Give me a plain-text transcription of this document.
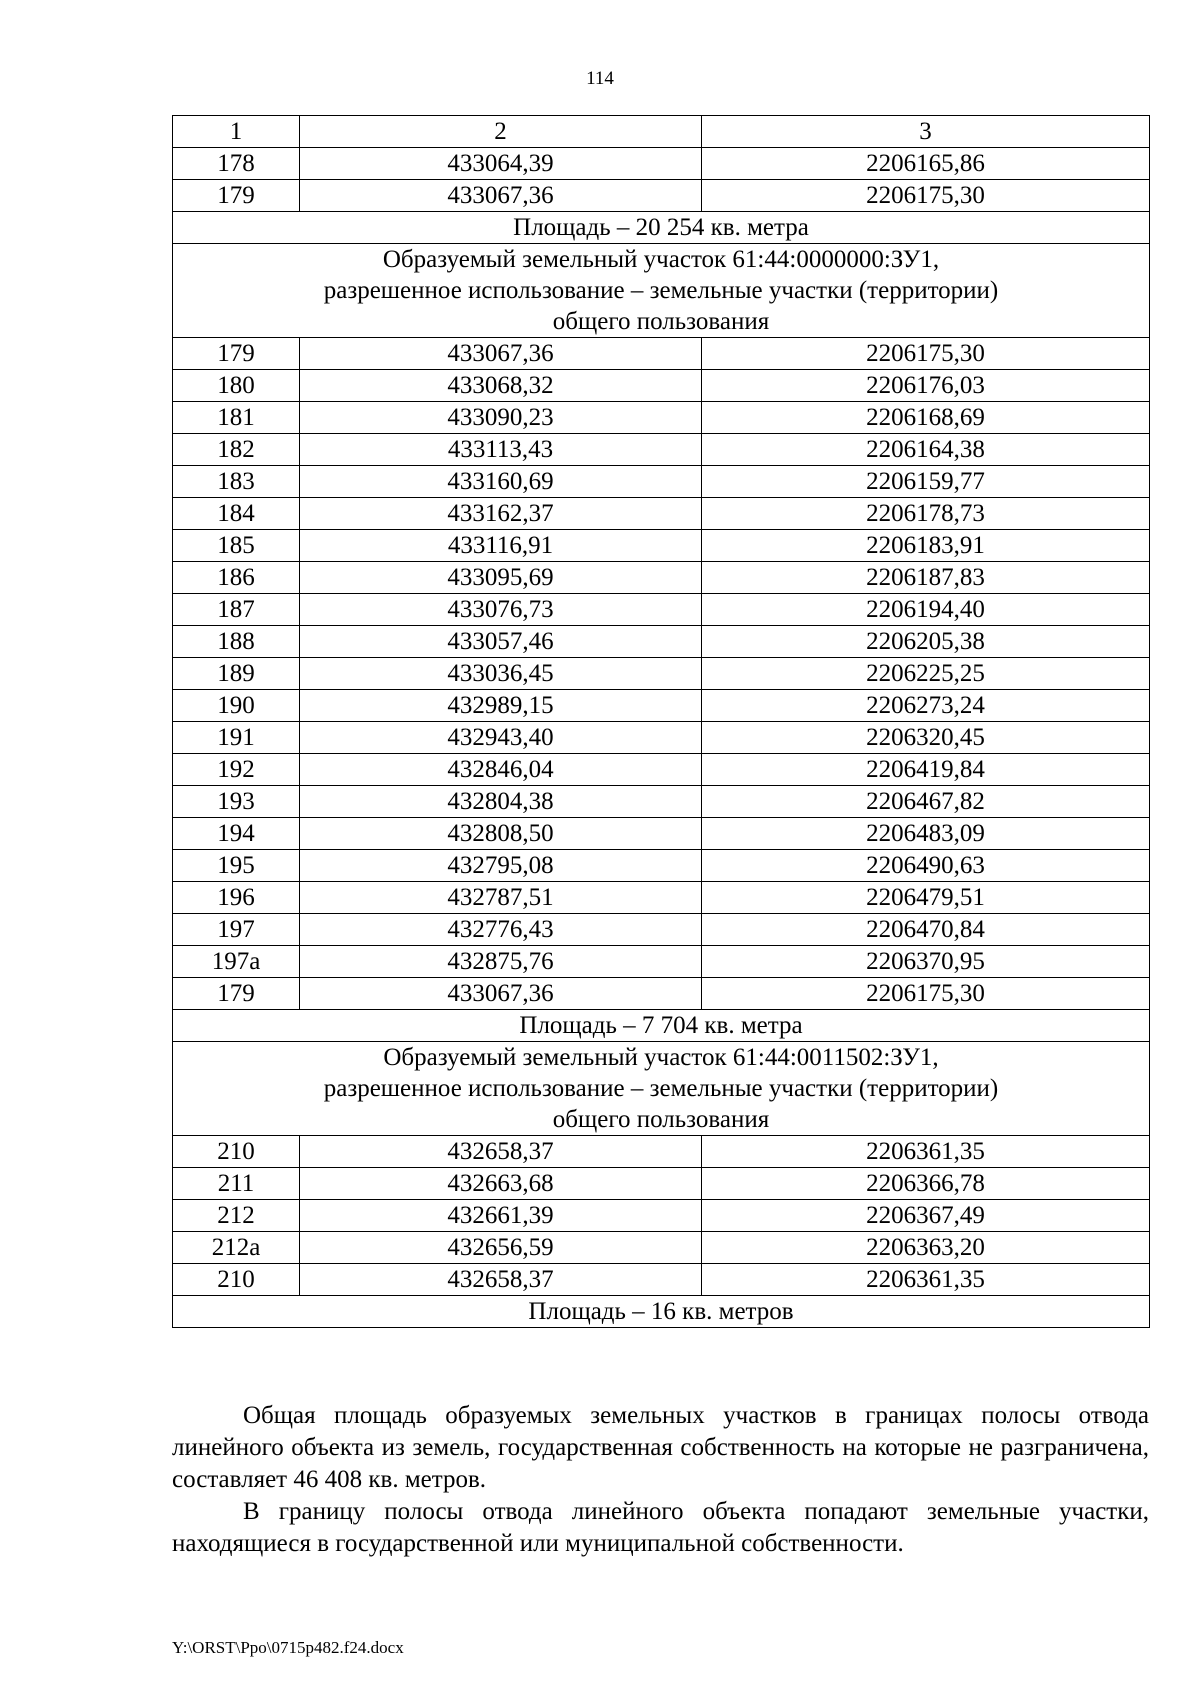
114
1	2	3
178	433064,39	2206165,86
179	433067,36	2206175,30

Площадь – 20 254 кв. метра		

Образуемый земельный участок 61:44:0000000:ЗУ1,
разрешенное использование – земельные участки (территории)
общего пользования		

179	433067,36	2206175,30
180	433068,32	2206176,03
181	433090,23	2206168,69
182	433113,43	2206164,38
183	433160,69	2206159,77
184	433162,37	2206178,73
185	433116,91	2206183,91
186	433095,69	2206187,83
187	433076,73	2206194,40
188	433057,46	2206205,38
189	433036,45	2206225,25
190	432989,15	2206273,24
191	432943,40	2206320,45
192	432846,04	2206419,84
193	432804,38	2206467,82
194	432808,50	2206483,09
195	432795,08	2206490,63
196	432787,51	2206479,51
197	432776,43	2206470,84
197а	432875,76	2206370,95
179	433067,36	2206175,30

Площадь – 7 704 кв. метра		

Образуемый земельный участок 61:44:0011502:ЗУ1,
разрешенное использование – земельные участки (территории)
общего пользования		

210	432658,37	2206361,35
211	432663,68	2206366,78
212	432661,39	2206367,49
212а	432656,59	2206363,20
210	432658,37	2206361,35

Площадь – 16 кв. метров		

Общая площадь образуемых земельных участков в границах полосы отвода линейного объекта из земель, государственная собственность на которые не разграничена, составляет 46 408 кв. метров.

В границу полосы отвода линейного объекта попадают земельные участки, находящиеся в государственной или муниципальной собственности.

Y:\ORST\Ppo\0715p482.f24.docx
